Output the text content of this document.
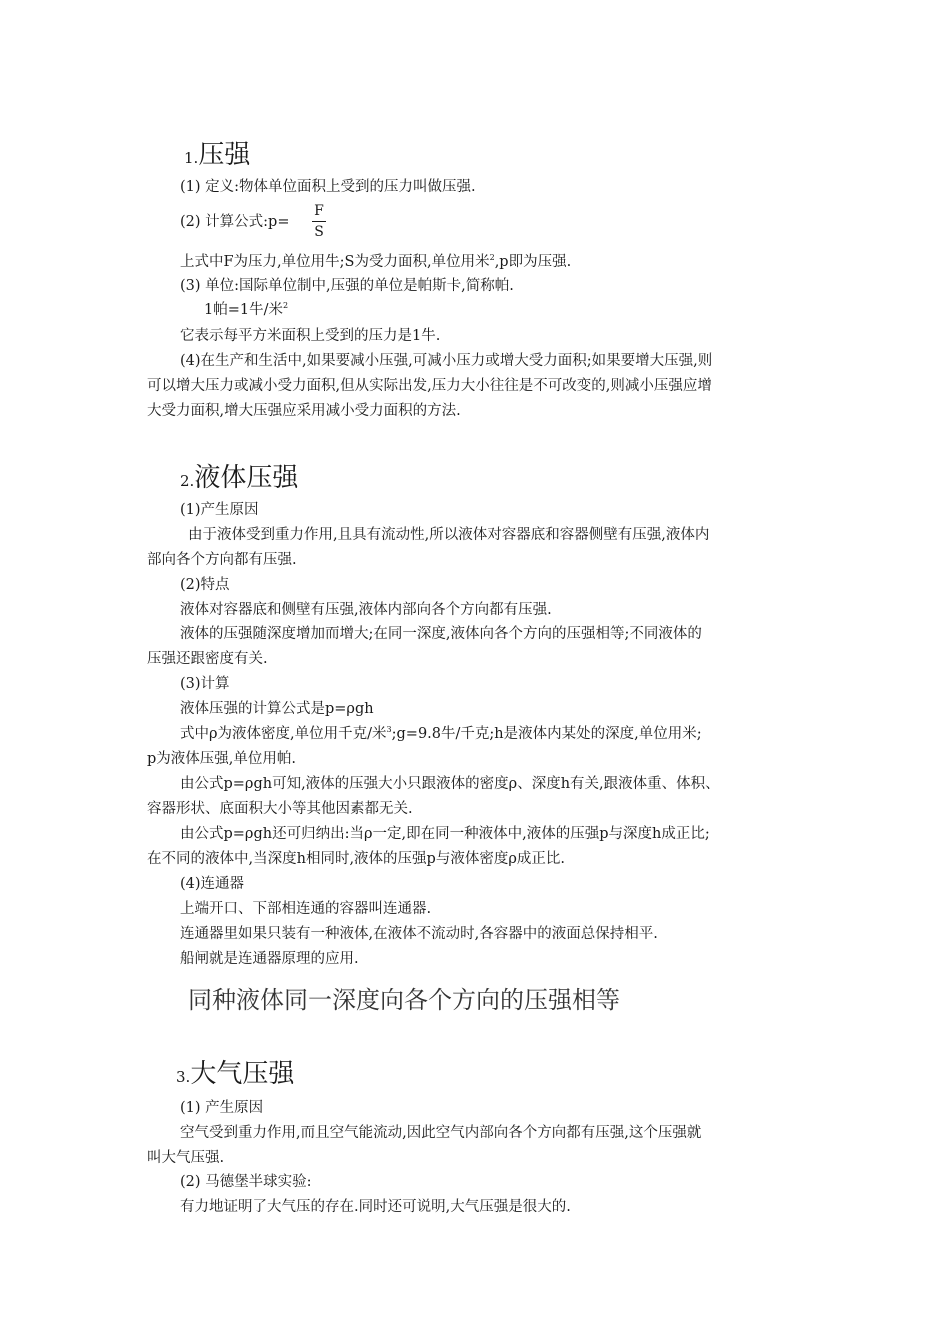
1.压强
(1) 定义:物体单位面积上受到的压力叫做压强.
(2) 计算公式:p=
F
S
上式中F为压力,单位用牛;S为受力面积,单位用米$^2$,p即为压强.
(3) 单位:国际单位制中,压强的单位是帕斯卡,简称帕.
1帕=1牛/米$^2$
它表示每平方米面积上受到的压力是1牛.
(4)在生产和生活中,如果要减小压强,可减小压力或增大受力面积;如果要增大压强,则
可以增大压力或减小受力面积,但从实际出发,压力大小往往是不可改变的,则减小压强应增
大受力面积,增大压强应采用减小受力面积的方法.
2.液体压强
(1)产生原因
由于液体受到重力作用,且具有流动性,所以液体对容器底和容器侧壁有压强,液体内
部向各个方向都有压强.
(2)特点
液体对容器底和侧壁有压强,液体内部向各个方向都有压强.
液体的压强随深度增加而增大;在同一深度,液体向各个方向的压强相等;不同液体的
压强还跟密度有关.
(3)计算
液体压强的计算公式是p=ρgh
式中ρ为液体密度,单位用千克/米$^3$;g=9.8牛/千克;h是液体内某处的深度,单位用米;
p为液体压强,单位用帕.
由公式p=ρgh可知,液体的压强大小只跟液体的密度ρ、深度h有关,跟液体重、体积、
容器形状、底面积大小等其他因素都无关.
由公式p=ρgh还可归纳出:当ρ一定,即在同一种液体中,液体的压强p与深度h成正比;
在不同的液体中,当深度h相同时,液体的压强p与液体密度ρ成正比.
(4)连通器
上端开口、下部相连通的容器叫连通器.
连通器里如果只装有一种液体,在液体不流动时,各容器中的液面总保持相平.
船闸就是连通器原理的应用.
同种液体同一深度向各个方向的压强相等
3.大气压强
(1) 产生原因
空气受到重力作用,而且空气能流动,因此空气内部向各个方向都有压强,这个压强就
叫大气压强.
(2) 马德堡半球实验:
有力地证明了大气压的存在.同时还可说明,大气压强是很大的.
